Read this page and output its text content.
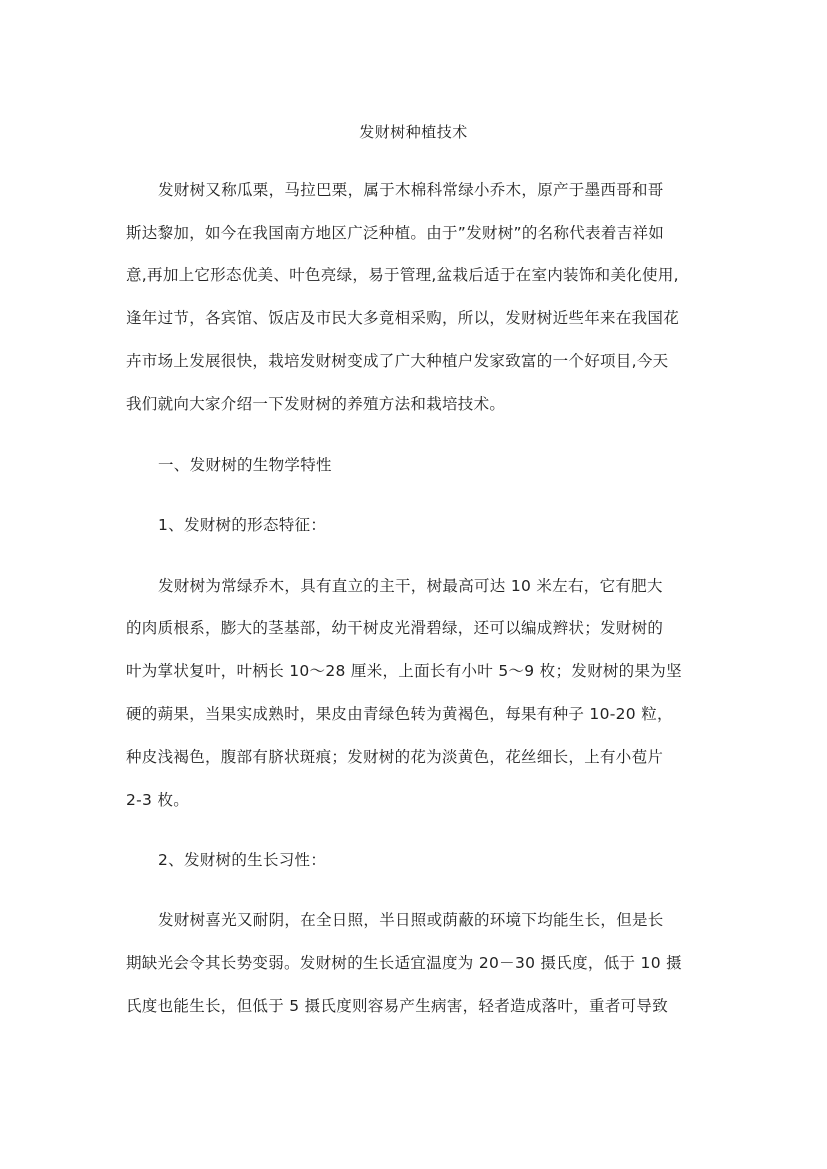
发财树种植技术
发财树又称瓜栗，马拉巴栗，属于木棉科常绿小乔木，原产于墨西哥和哥
斯达黎加，如今在我国南方地区广泛种植。由于”发财树”的名称代表着吉祥如
意,再加上它形态优美、叶色亮绿，易于管理,盆栽后适于在室内装饰和美化使用,
逢年过节，各宾馆、饭店及市民大多竟相采购，所以，发财树近些年来在我国花
卉市场上发展很快，栽培发财树变成了广大种植户发家致富的一个好项目,今天
我们就向大家介绍一下发财树的养殖方法和栽培技术。
一、发财树的生物学特性
1、发财树的形态特征：
发财树为常绿乔木，具有直立的主干，树最高可达 10 米左右，它有肥大
的肉质根系，膨大的茎基部，幼干树皮光滑碧绿，还可以编成辫状；发财树的
叶为掌状复叶，叶柄长 10～28 厘米，上面长有小叶 5～9 枚；发财树的果为坚
硬的蒴果，当果实成熟时，果皮由青绿色转为黄褐色，每果有种子 10-20 粒，
种皮浅褐色，腹部有脐状斑痕；发财树的花为淡黄色，花丝细长，上有小苞片
2-3 枚。
2、发财树的生长习性：
发财树喜光又耐阴，在全日照，半日照或荫蔽的环境下均能生长，但是长
期缺光会令其长势变弱。发财树的生长适宜温度为 20－30 摄氏度，低于 10 摄
氏度也能生长，但低于 5 摄氏度则容易产生病害，轻者造成落叶，重者可导致
